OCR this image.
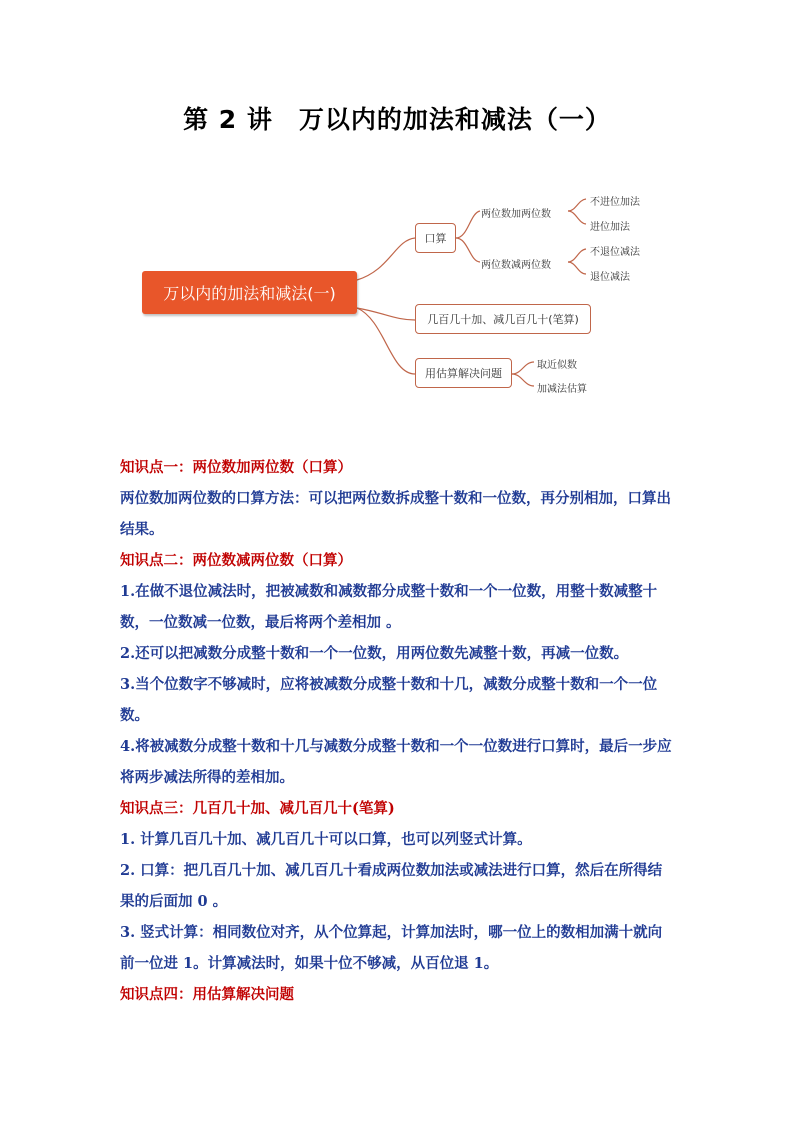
第 2 讲　万以内的加法和减法（一）
万以内的加法和减法(一)
口算
两位数加两位数
两位数减两位数
不进位加法
进位加法
不退位减法
退位减法
几百几十加、减几百几十(笔算)
用估算解决问题
取近似数
加减法估算

知识点一：两位数加两位数（口算）

两位数加两位数的口算方法：可以把两位数拆成整十数和一位数，再分别相加，口算出结果。

知识点二：两位数减两位数（口算）

1.在做不退位减法时，把被减数和减数都分成整十数和一个一位数，用整十数减整十数，一位数减一位数，最后将两个差相加 。

2.还可以把减数分成整十数和一个一位数，用两位数先减整十数，再减一位数。

3.当个位数字不够减时，应将被减数分成整十数和十几，减数分成整十数和一个一位数。

4.将被减数分成整十数和十几与减数分成整十数和一个一位数进行口算时，最后一步应将两步减法所得的差相加。

知识点三：几百几十加、减几百几十(笔算)

1. 计算几百几十加、减几百几十可以口算，也可以列竖式计算。

2. 口算：把几百几十加、减几百几十看成两位数加法或减法进行口算，然后在所得结果的后面加 0 。

3. 竖式计算：相同数位对齐，从个位算起，计算加法时，哪一位上的数相加满十就向前一位进 1。计算减法时，如果十位不够减，从百位退 1。

知识点四：用估算解决问题
